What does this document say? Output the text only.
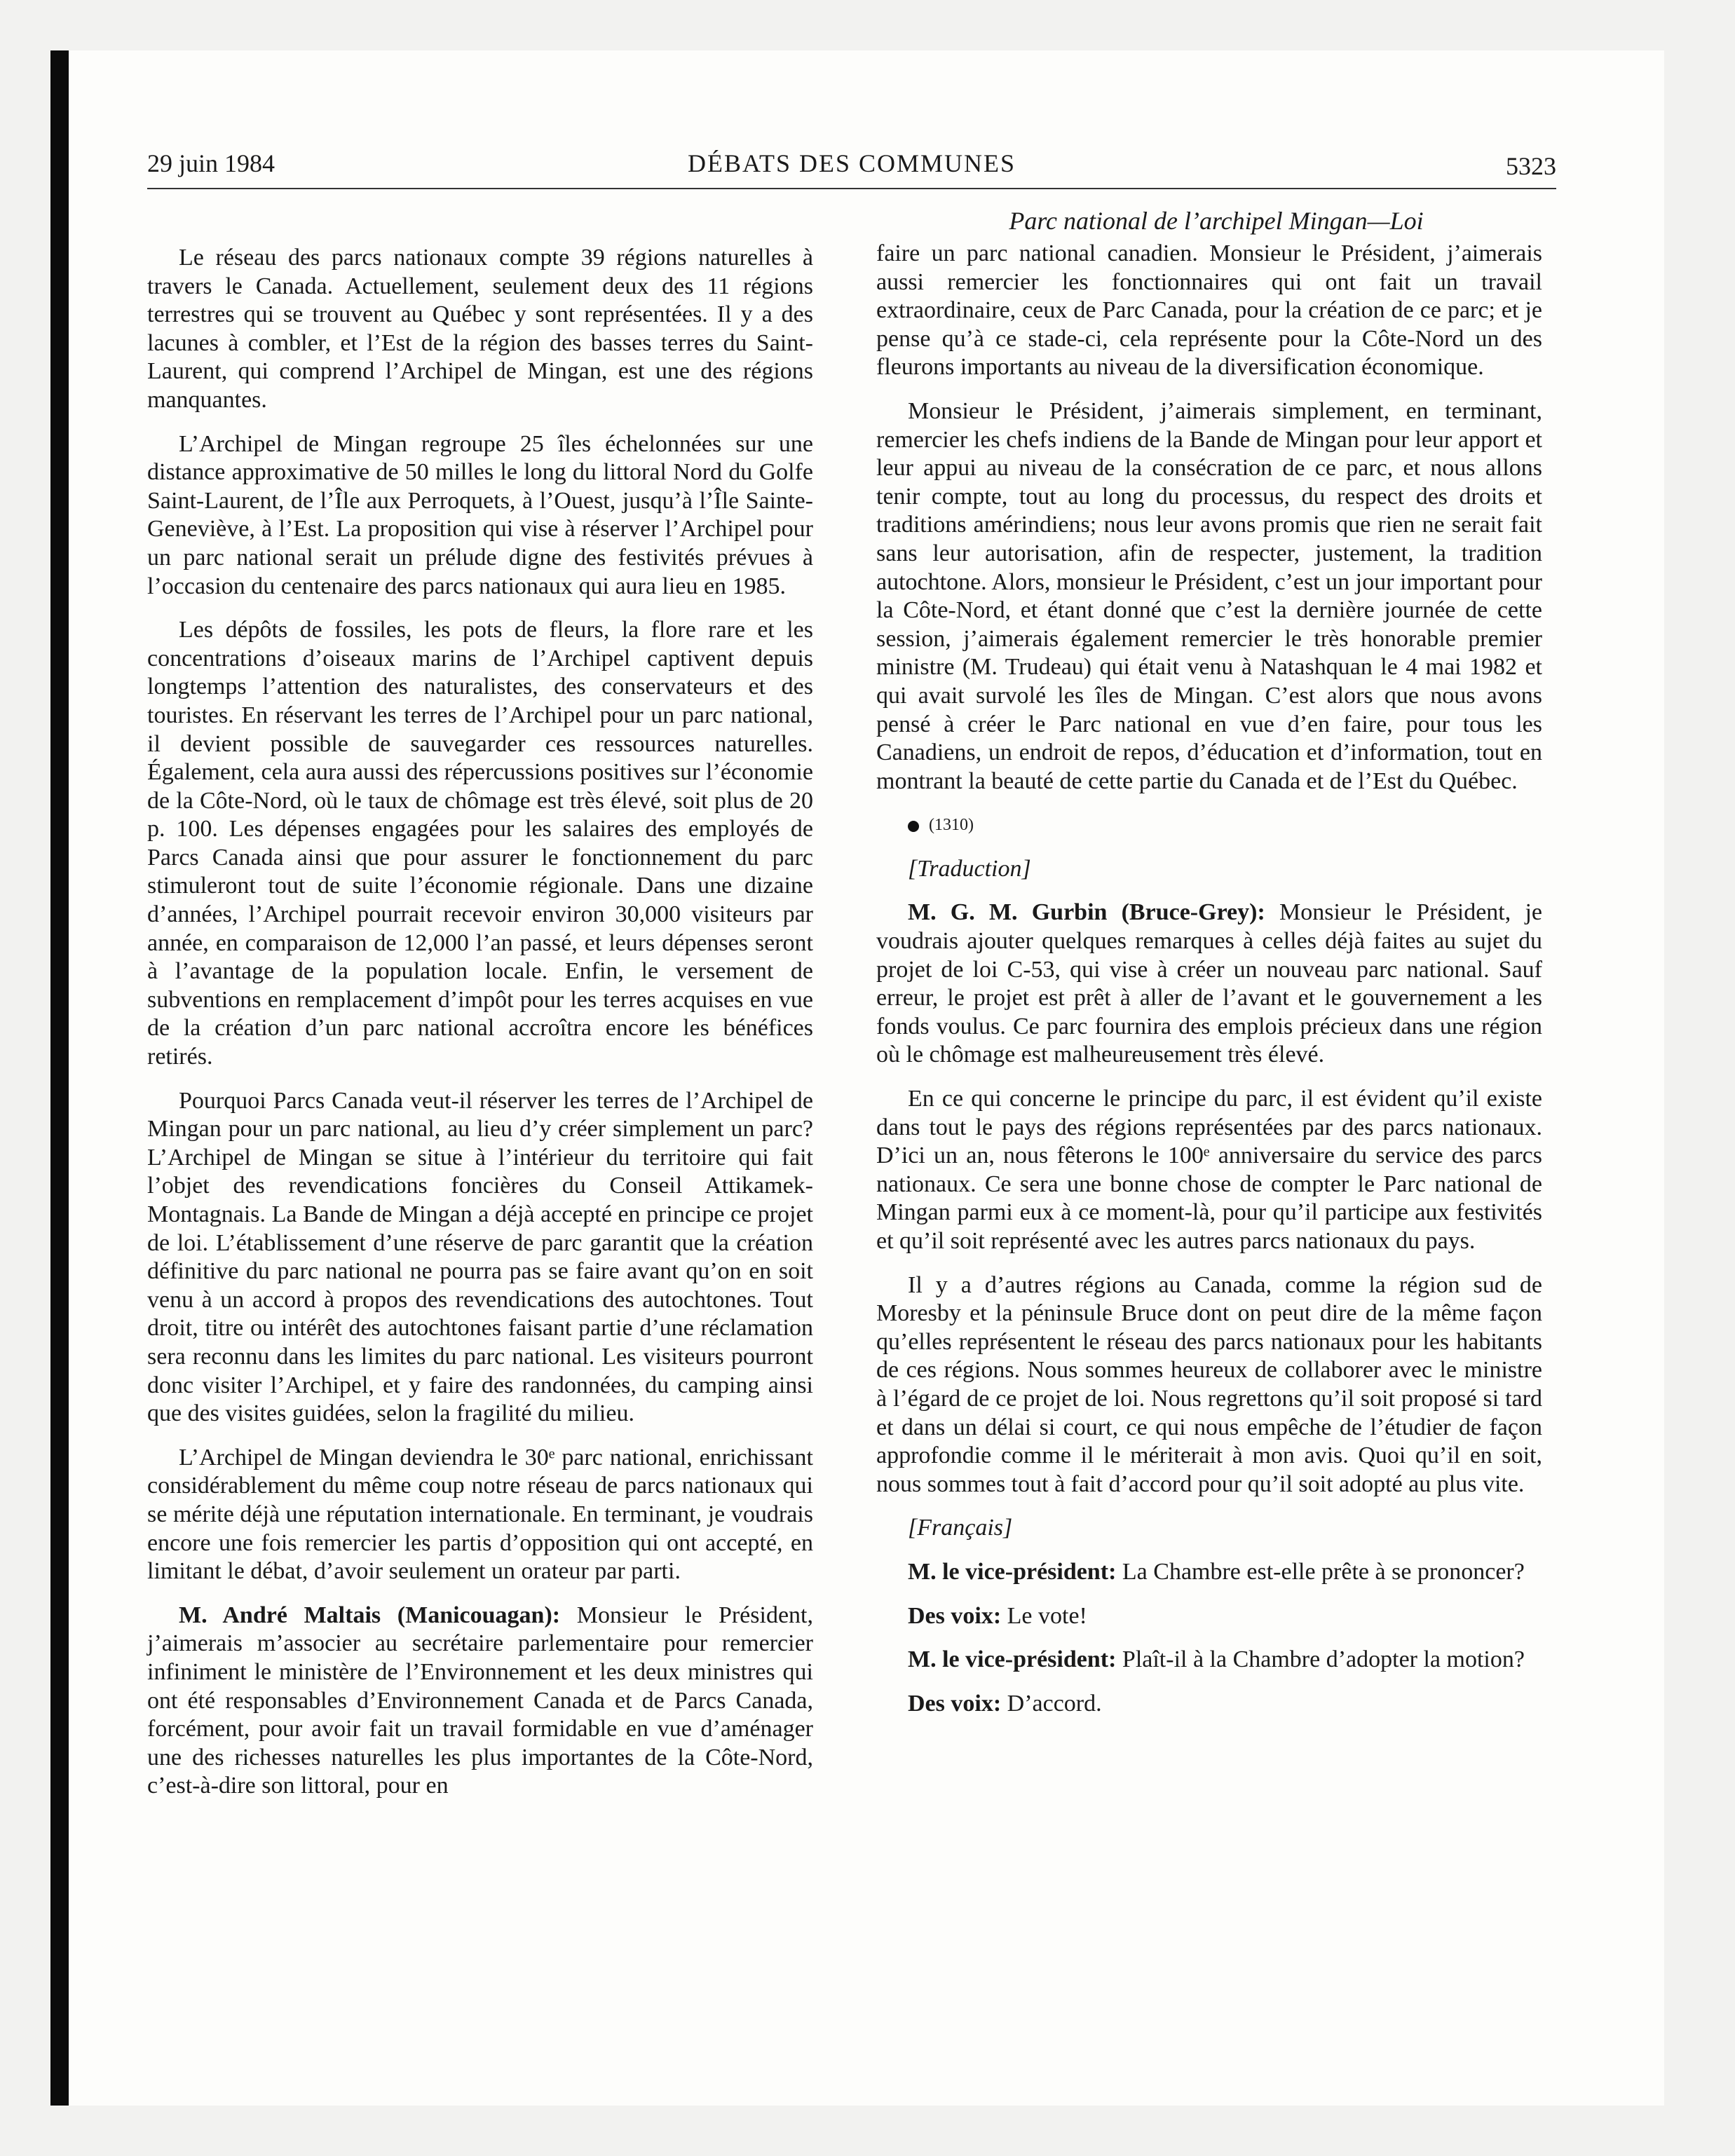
29 juin 1984	DÉBATS DES COMMUNES	5323
Parc national de l’archipel Mingan—Loi

Le réseau des parcs nationaux compte 39 régions naturelles à travers le Canada. Actuellement, seulement deux des 11 régions terrestres qui se trouvent au Québec y sont représentées. Il y a des lacunes à combler, et l’Est de la région des basses terres du Saint-Laurent, qui comprend l’Archipel de Mingan, est une des régions manquantes.

L’Archipel de Mingan regroupe 25 îles échelonnées sur une distance approximative de 50 milles le long du littoral Nord du Golfe Saint-Laurent, de l’Île aux Perroquets, à l’Ouest, jusqu’à l’Île Sainte-Geneviève, à l’Est. La proposition qui vise à réserver l’Archipel pour un parc national serait un prélude digne des festivités prévues à l’occasion du centenaire des parcs nationaux qui aura lieu en 1985.

Les dépôts de fossiles, les pots de fleurs, la flore rare et les concentrations d’oiseaux marins de l’Archipel captivent depuis longtemps l’attention des naturalistes, des conservateurs et des touristes. En réservant les terres de l’Archipel pour un parc national, il devient possible de sauvegarder ces ressources naturelles. Également, cela aura aussi des répercussions positives sur l’économie de la Côte-Nord, où le taux de chômage est très élevé, soit plus de 20 p. 100. Les dépenses engagées pour les salaires des employés de Parcs Canada ainsi que pour assurer le fonctionnement du parc stimuleront tout de suite l’économie régionale. Dans une dizaine d’années, l’Archipel pourrait recevoir environ 30,000 visiteurs par année, en comparaison de 12,000 l’an passé, et leurs dépenses seront à l’avantage de la population locale. Enfin, le versement de subventions en remplacement d’impôt pour les terres acquises en vue de la création d’un parc national accroîtra encore les bénéfices retirés.

Pourquoi Parcs Canada veut-il réserver les terres de l’Archipel de Mingan pour un parc national, au lieu d’y créer simplement un parc? L’Archipel de Mingan se situe à l’intérieur du territoire qui fait l’objet des revendications foncières du Conseil Attikamek-Montagnais. La Bande de Mingan a déjà accepté en principe ce projet de loi. L’établissement d’une réserve de parc garantit que la création définitive du parc national ne pourra pas se faire avant qu’on en soit venu à un accord à propos des revendications des autochtones. Tout droit, titre ou intérêt des autochtones faisant partie d’une réclamation sera reconnu dans les limites du parc national. Les visiteurs pourront donc visiter l’Archipel, et y faire des randonnées, du camping ainsi que des visites guidées, selon la fragilité du milieu.

L’Archipel de Mingan deviendra le 30ᵉ parc national, enrichissant considérablement du même coup notre réseau de parcs nationaux qui se mérite déjà une réputation internationale. En terminant, je voudrais encore une fois remercier les partis d’opposition qui ont accepté, en limitant le débat, d’avoir seulement un orateur par parti.

M. André Maltais (Manicouagan): Monsieur le Président, j’aimerais m’associer au secrétaire parlementaire pour remercier infiniment le ministère de l’Environnement et les deux ministres qui ont été responsables d’Environnement Canada et de Parcs Canada, forcément, pour avoir fait un travail formidable en vue d’aménager une des richesses naturelles les plus importantes de la Côte-Nord, c’est-à-dire son littoral, pour en

faire un parc national canadien. Monsieur le Président, j’aimerais aussi remercier les fonctionnaires qui ont fait un travail extraordinaire, ceux de Parc Canada, pour la création de ce parc; et je pense qu’à ce stade-ci, cela représente pour la Côte-Nord un des fleurons importants au niveau de la diversification économique.

Monsieur le Président, j’aimerais simplement, en terminant, remercier les chefs indiens de la Bande de Mingan pour leur apport et leur appui au niveau de la consécration de ce parc, et nous allons tenir compte, tout au long du processus, du respect des droits et traditions amérindiens; nous leur avons promis que rien ne serait fait sans leur autorisation, afin de respecter, justement, la tradition autochtone. Alors, monsieur le Président, c’est un jour important pour la Côte-Nord, et étant donné que c’est la dernière journée de cette session, j’aimerais également remercier le très honorable premier ministre (M. Trudeau) qui était venu à Natashquan le 4 mai 1982 et qui avait survolé les îles de Mingan. C’est alors que nous avons pensé à créer le Parc national en vue d’en faire, pour tous les Canadiens, un endroit de repos, d’éducation et d’information, tout en montrant la beauté de cette partie du Canada et de l’Est du Québec.

(1310)

[Traduction]

M. G. M. Gurbin (Bruce-Grey): Monsieur le Président, je voudrais ajouter quelques remarques à celles déjà faites au sujet du projet de loi C-53, qui vise à créer un nouveau parc national. Sauf erreur, le projet est prêt à aller de l’avant et le gouvernement a les fonds voulus. Ce parc fournira des emplois précieux dans une région où le chômage est malheureusement très élevé.

En ce qui concerne le principe du parc, il est évident qu’il existe dans tout le pays des régions représentées par des parcs nationaux. D’ici un an, nous fêterons le 100ᵉ anniversaire du service des parcs nationaux. Ce sera une bonne chose de compter le Parc national de Mingan parmi eux à ce moment-là, pour qu’il participe aux festivités et qu’il soit représenté avec les autres parcs nationaux du pays.

Il y a d’autres régions au Canada, comme la région sud de Moresby et la péninsule Bruce dont on peut dire de la même façon qu’elles représentent le réseau des parcs nationaux pour les habitants de ces régions. Nous sommes heureux de collaborer avec le ministre à l’égard de ce projet de loi. Nous regrettons qu’il soit proposé si tard et dans un délai si court, ce qui nous empêche de l’étudier de façon approfondie comme il le mériterait à mon avis. Quoi qu’il en soit, nous sommes tout à fait d’accord pour qu’il soit adopté au plus vite.

[Français]

M. le vice-président: La Chambre est-elle prête à se prononcer?

Des voix: Le vote!

M. le vice-président: Plaît-il à la Chambre d’adopter la motion?

Des voix: D’accord.
